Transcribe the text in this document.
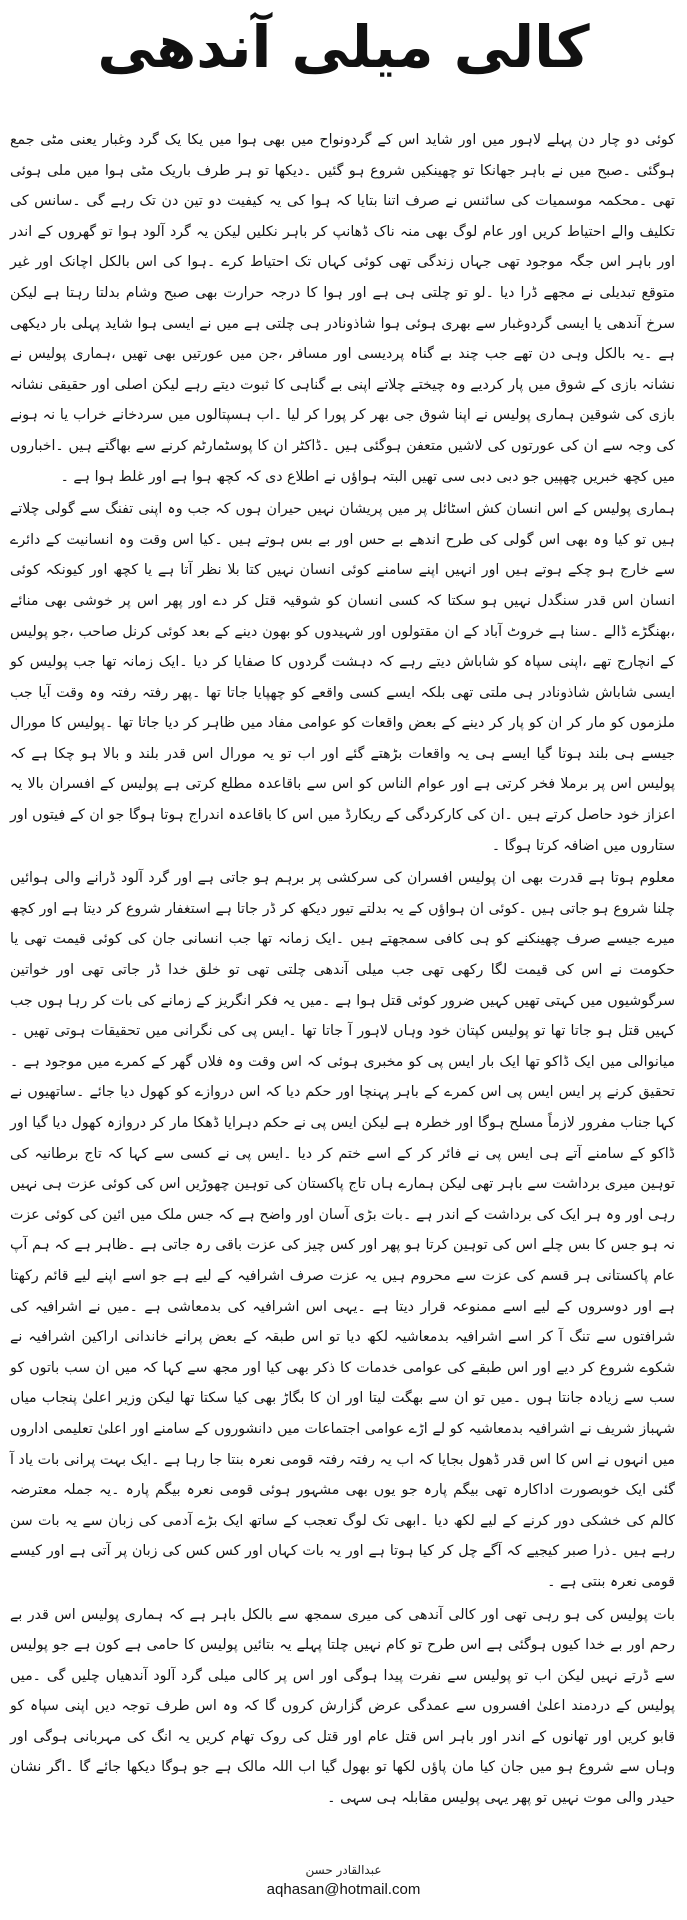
کالی میلی آندھی

کوئی دو چار دن پہلے لاہور میں اور شاید اس کے گردونواح میں بھی ہوا میں یکا یک گرد وغبار یعنی مٹی جمع ہوگئی ۔صبح میں نے باہر جھانکا تو چھینکیں شروع ہو گئیں ۔دیکھا تو ہر طرف باریک مٹی ہوا میں ملی ہوئی تھی ۔محکمہ موسمیات کی سائنس نے صرف اتنا بتایا کہ ہوا کی یہ کیفیت دو تین دن تک رہے گی ۔سانس کی تکلیف والے احتیاط کریں اور عام لوگ بھی منہ ناک ڈھانپ کر باہر نکلیں لیکن یہ گرد آلود ہوا تو گھروں کے اندر اور باہر اس جگہ موجود تھی جہاں زندگی تھی کوئی کہاں تک احتیاط کرے ۔ہوا کی اس بالکل اچانک اور غیر متوقع تبدیلی نے مجھے ڈرا دیا ۔لو تو چلتی ہی ہے اور ہوا کا درجہ حرارت بھی صبح وشام بدلتا رہتا ہے لیکن سرخ آندھی یا ایسی گردوغبار سے بھری ہوئی ہوا شاذونادر ہی چلتی ہے میں نے ایسی ہوا شاید پہلی بار دیکھی ہے ۔یہ بالکل وہی دن تھے جب چند بے گناہ پردیسی اور مسافر ،جن میں عورتیں بھی تھیں ،ہماری پولیس نے نشانہ بازی کے شوق میں پار کردیے وہ چیختے چلاتے اپنی بے گناہی کا ثبوت دیتے رہے لیکن اصلی اور حقیقی نشانہ بازی کی شوقین ہماری پولیس نے اپنا شوق جی بھر کر پورا کر لیا ۔اب ہسپتالوں میں سردخانے خراب یا نہ ہونے کی وجہ سے ان کی عورتوں کی لاشیں متعفن ہوگئی ہیں ۔ڈاکٹر ان کا پوسٹمارٹم کرنے سے بھاگتے ہیں ۔اخباروں میں کچھ خبریں چھپیں جو دبی دبی سی تھیں البتہ ہواؤں نے اطلاع دی کہ کچھ ہوا ہے اور غلط ہوا ہے ۔

ہماری پولیس کے اس انسان کش اسٹائل پر میں پریشان نہیں حیران ہوں کہ جب وہ اپنی تفنگ سے گولی چلاتے ہیں تو کیا وہ بھی اس گولی کی طرح اندھے بے حس اور بے بس ہوتے ہیں ۔کیا اس وقت وہ انسانیت کے دائرے سے خارج ہو چکے ہوتے ہیں اور انہیں اپنے سامنے کوئی انسان نہیں کتا بلا نظر آتا ہے یا کچھ اور کیونکہ کوئی انسان اس قدر سنگدل نہیں ہو سکتا کہ کسی انسان کو شوقیہ قتل کر دے اور پھر اس پر خوشی بھی منائے ،بھنگڑے ڈالے ۔سنا ہے خروٹ آباد کے ان مقتولوں اور شہیدوں کو بھون دینے کے بعد کوئی کرنل صاحب ،جو پولیس کے انچارج تھے ،اپنی سپاہ کو شاباش دیتے رہے کہ دہشت گردوں کا صفایا کر دیا ۔ایک زمانہ تھا جب پولیس کو ایسی شاباش شاذونادر ہی ملتی تھی بلکہ ایسے کسی واقعے کو چھپایا جاتا تھا ۔پھر رفتہ رفتہ وہ وقت آیا جب ملزموں کو مار کر ان کو پار کر دینے کے بعض واقعات کو عوامی مفاد میں ظاہر کر دیا جاتا تھا ۔پولیس کا مورال جیسے ہی بلند ہوتا گیا ایسے ہی یہ واقعات بڑھتے گئے اور اب تو یہ مورال اس قدر بلند و بالا ہو چکا ہے کہ پولیس اس پر برملا فخر کرتی ہے اور عوام الناس کو اس سے باقاعدہ مطلع کرتی ہے پولیس کے افسران بالا یہ اعزاز خود حاصل کرتے ہیں ۔ان کی کارکردگی کے ریکارڈ میں اس کا باقاعدہ اندراج ہوتا ہوگا جو ان کے فیتوں اور ستاروں میں اضافہ کرتا ہوگا ۔

معلوم ہوتا ہے قدرت بھی ان پولیس افسران کی سرکشی پر برہم ہو جاتی ہے اور گرد آلود ڈرانے والی ہوائیں چلنا شروع ہو جاتی ہیں ۔کوئی ان ہواؤں کے یہ بدلتے تیور دیکھ کر ڈر جاتا ہے استغفار شروع کر دیتا ہے اور کچھ میرے جیسے صرف چھینکنے کو ہی کافی سمجھتے ہیں ۔ایک زمانہ تھا جب انسانی جان کی کوئی قیمت تھی یا حکومت نے اس کی قیمت لگا رکھی تھی جب میلی آندھی چلتی تھی تو خلق خدا ڈر جاتی تھی اور خواتین سرگوشیوں میں کہتی تھیں کہیں ضرور کوئی قتل ہوا ہے ۔میں یہ فکر انگریز کے زمانے کی بات کر رہا ہوں جب کہیں قتل ہو جاتا تھا تو پولیس کپتان خود وہاں لاہور آ جاتا تھا ۔ایس پی کی نگرانی میں تحقیقات ہوتی تھیں ۔میانوالی میں ایک ڈاکو تھا ایک بار ایس پی کو مخبری ہوئی کہ اس وقت وہ فلاں گھر کے کمرے میں موجود ہے ۔تحقیق کرنے پر ایس ایس پی اس کمرے کے باہر پہنچا اور حکم دیا کہ اس دروازے کو کھول دیا جائے ۔ساتھیوں نے کہا جناب مفرور لازماً مسلح ہوگا اور خطرہ ہے لیکن ایس پی نے حکم دہرایا ڈھکا مار کر دروازہ کھول دیا گیا اور ڈاکو کے سامنے آتے ہی ایس پی نے فائر کر کے اسے ختم کر دیا ۔ایس پی نے کسی سے کہا کہ تاج برطانیہ کی توہین میری برداشت سے باہر تھی لیکن ہمارے ہاں تاج پاکستان کی توہین چھوڑیں اس کی کوئی عزت ہی نہیں رہی اور وہ ہر ایک کی برداشت کے اندر ہے ۔بات بڑی آسان اور واضح ہے کہ جس ملک میں ائین کی کوئی عزت نہ ہو جس کا بس چلے اس کی توہین کرتا ہو پھر اور کس چیز کی عزت باقی رہ جاتی ہے ۔ظاہر ہے کہ ہم آپ عام پاکستانی ہر قسم کی عزت سے محروم ہیں یہ عزت صرف اشرافیہ کے لیے ہے جو اسے اپنے لیے قائم رکھتا ہے اور دوسروں کے لیے اسے ممنوعہ قرار دیتا ہے ۔یہی اس اشرافیہ کی بدمعاشی ہے ۔میں نے اشرافیہ کی شرافتوں سے تنگ آ کر اسے اشرافیہ بدمعاشیہ لکھ دیا تو اس طبقہ کے بعض پرانے خاندانی اراکین اشرافیہ نے شکوے شروع کر دیے اور اس طبقے کی عوامی خدمات کا ذکر بھی کیا اور مجھ سے کہا کہ میں ان سب باتوں کو سب سے زیادہ جانتا ہوں ۔میں تو ان سے بھگت لیتا اور ان کا بگاڑ بھی کیا سکتا تھا لیکن وزیر اعلیٰ پنجاب میاں شہباز شریف نے اشرافیہ بدمعاشیہ کو لے اڑے عوامی اجتماعات میں دانشوروں کے سامنے اور اعلیٰ تعلیمی اداروں میں انہوں نے اس کا اس قدر ڈھول بجایا کہ اب یہ رفتہ رفتہ قومی نعرہ بنتا جا رہا ہے ۔ایک بہت پرانی بات یاد آ گئی ایک خوبصورت اداکارہ تھی بیگم پارہ جو یوں بھی مشہور ہوئی قومی نعرہ بیگم پارہ ۔یہ جملہ معترضہ کالم کی خشکی دور کرنے کے لیے لکھ دیا ۔ابھی تک لوگ تعجب کے ساتھ ایک بڑے آدمی کی زبان سے یہ بات سن رہے ہیں ۔ذرا صبر کیجیے کہ آگے چل کر کیا ہوتا ہے اور یہ بات کہاں اور کس کس کی زبان پر آتی ہے اور کیسے قومی نعرہ بنتی ہے ۔

بات پولیس کی ہو رہی تھی اور کالی آندھی کی میری سمجھ سے بالکل باہر ہے کہ ہماری پولیس اس قدر بے رحم اور بے خدا کیوں ہوگئی ہے اس طرح تو کام نہیں چلتا پہلے یہ بتائیں پولیس کا حامی ہے کون ہے جو پولیس سے ڈرتے نہیں لیکن اب تو پولیس سے نفرت پیدا ہوگی اور اس پر کالی میلی گرد آلود آندھیاں چلیں گی ۔میں پولیس کے دردمند اعلیٰ افسروں سے عمدگی عرض گزارش کروں گا کہ وہ اس طرف توجہ دیں اپنی سپاہ کو قابو کریں اور تھانوں کے اندر اور باہر اس قتل عام اور قتل کی روک تھام کریں یہ انگ کی مہربانی ہوگی اور وہاں سے شروع ہو میں جان کیا مان پاؤں لکھا تو بھول گیا اب اللہ مالک ہے جو ہوگا دیکھا جائے گا ۔اگر نشان حیدر والی موت نہیں تو پھر یہی پولیس مقابلہ ہی سہی ۔

عبدالقادر حسن
aqhasan@hotmail.com
